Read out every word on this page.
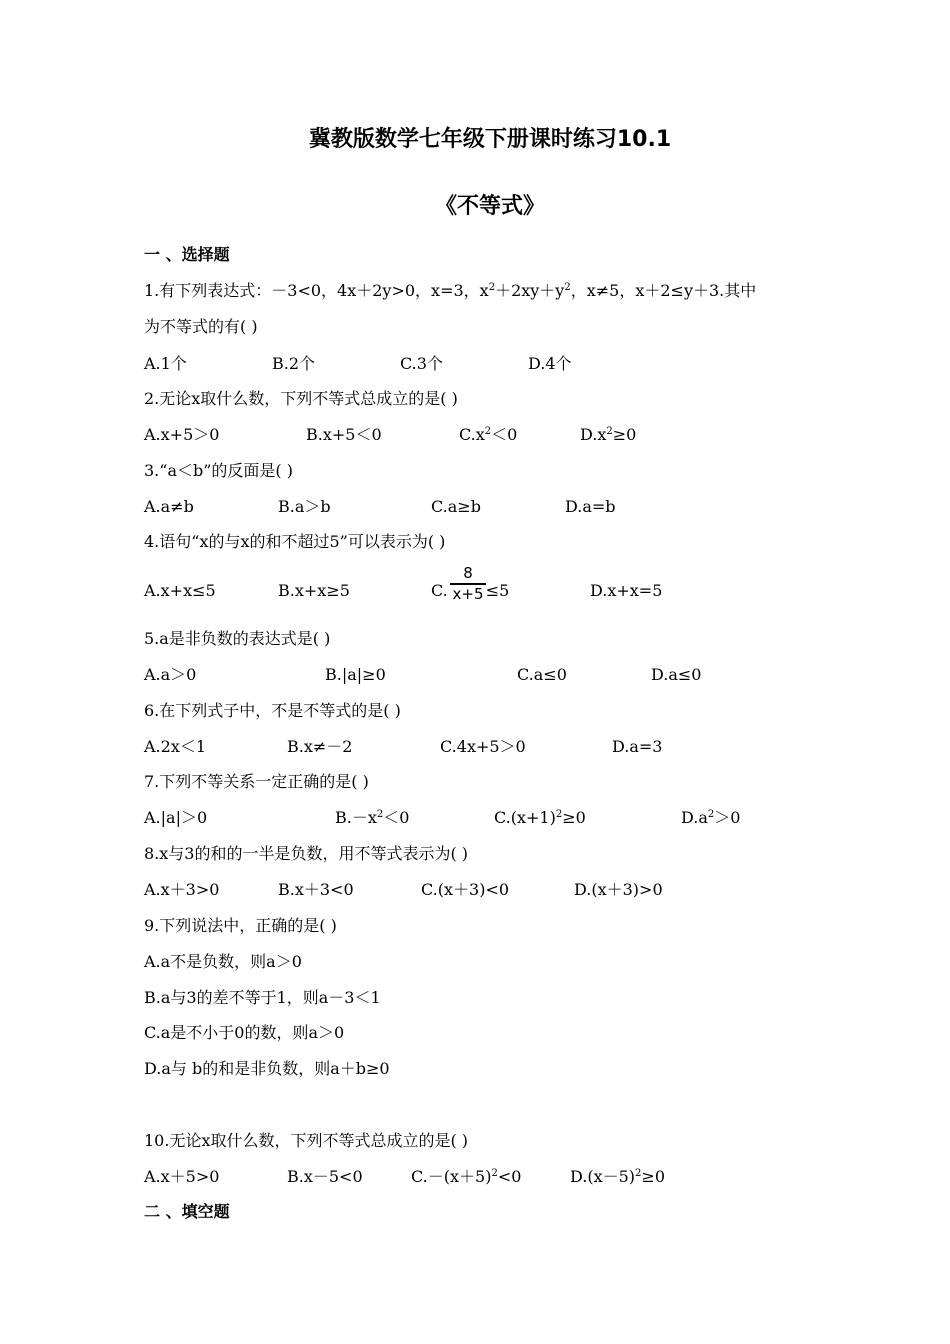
冀教版数学七年级下册课时练习10.1
《不等式》
一 、选择题
1.有下列表达式：－3<0，4x＋2y>0，x=3，$x^2+2xy+y^2$，x≠5，x＋2≤y＋3.其中
为不等式的有( )
A.1个	B.2个	C.3个	D.4个
2.无论x取什么数，下列不等式总成立的是( )
A.x+5＞0	B.x+5＜0	$C.x^2<0$	$D.x^2\ge 0$
3.“a＜b”的反面是( )
A.a≠b	B.a＞b	C.a≥b	D.a=b
4.语句“x的与x的和不超过5”可以表示为( )
A.x+x≤5	B.x+x≥5	C. ≤5
8
x+5	D.x+x=5
5.a是非负数的表达式是( )
A.a＞0	B.|a|≥0	C.a≤0	D.a≤0
6.在下列式子中，不是不等式的是( )
A.2x＜1	B.x≠－2	C.4x+5＞0	D.a=3
7.下列不等关系一定正确的是( )
A.|a|＞0	$B.-x^2<0$	$C.(x+1)^2\ge 0$	$D.a^2>0$
8.x与3的和的一半是负数，用不等式表示为( )
A.x＋3>0	B.x＋3<0	C.(x＋3)<0	D.(x＋3)>0
9.下列说法中，正确的是( )
A.a不是负数，则a＞0
B.a与3的差不等于1，则a－3＜1
C.a是不小于0的数，则a＞0
D.a与 b的和是非负数，则a＋b≥0
10.无论x取什么数，下列不等式总成立的是( )
A.x＋5>0	B.x－5<0	$C.-(x+5)^2<0$	$D.(x-5)^2\ge 0$
二 、填空题
